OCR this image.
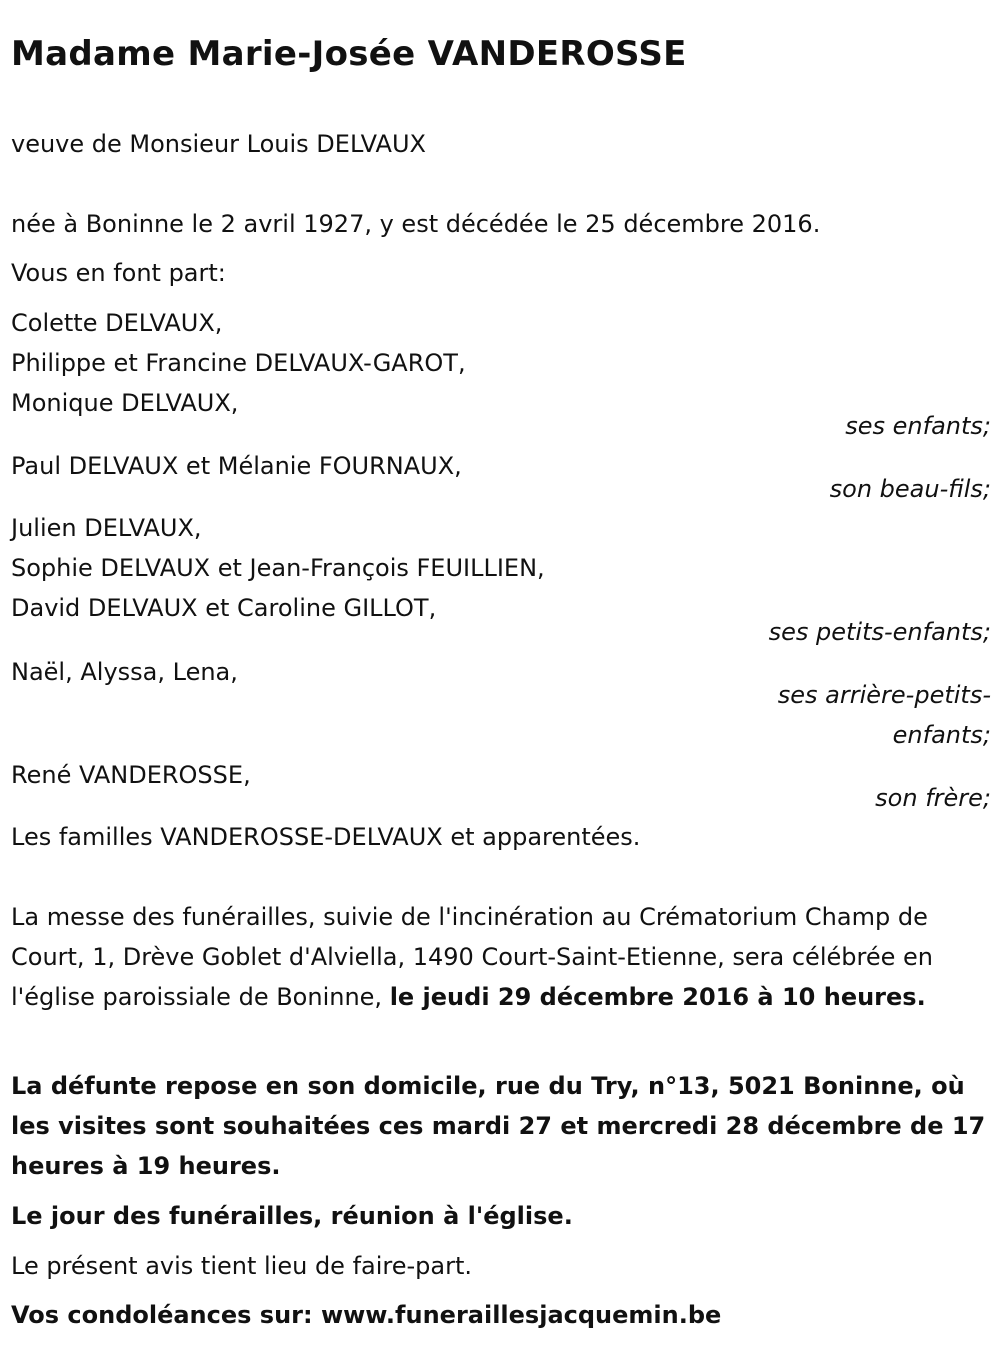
Madame Marie-Josée VANDEROSSE

veuve de Monsieur Louis DELVAUX

née à Boninne le 2 avril 1927, y est décédée le 25 décembre 2016.

Vous en font part:

Colette DELVAUX,

Philippe et Francine DELVAUX-GAROT,

Monique DELVAUX,

ses enfants;

Paul DELVAUX et Mélanie FOURNAUX,

son beau-fils;

Julien DELVAUX,

Sophie DELVAUX et Jean-François FEUILLIEN,

David DELVAUX et Caroline GILLOT,

ses petits-enfants;

Naël, Alyssa, Lena,

ses arrière-petits-
enfants;

René VANDEROSSE,

son frère;

Les familles VANDEROSSE-DELVAUX et apparentées.

La messe des funérailles, suivie de l'incinération au Crématorium Champ de Court, 1, Drève Goblet d'Alviella, 1490 Court-Saint-Etienne, sera célébrée en l'église paroissiale de Boninne, le jeudi 29 décembre 2016 à 10 heures.

La défunte repose en son domicile, rue du Try, n°13, 5021 Boninne, où les visites sont souhaitées ces mardi 27 et mercredi 28 décembre de 17 heures à 19 heures.

Le jour des funérailles, réunion à l'église.

Le présent avis tient lieu de faire-part.

Vos condoléances sur: www.funeraillesjacquemin.be
